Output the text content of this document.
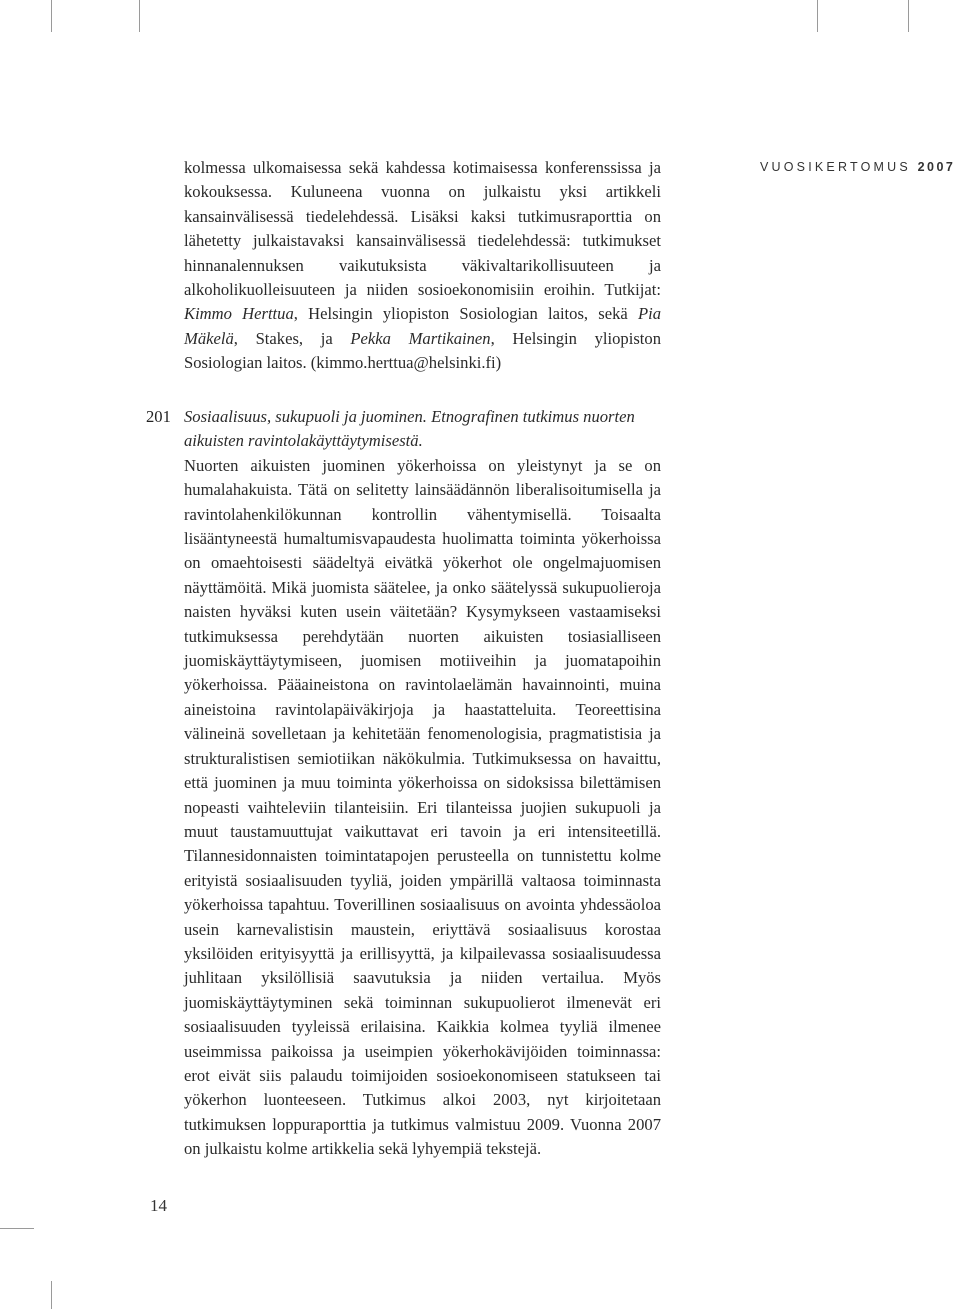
VUOSIKERTOMUS 2007

kolmessa ulkomaisessa sekä kahdessa kotimaisessa konferenssissa ja kokouksessa. Kuluneena vuonna on julkaistu yksi artikkeli kansainvälisessä tiedelehdessä. Lisäksi kaksi tutkimusraporttia on lähetetty julkaistavaksi kansainvälisessä tiedelehdessä: tutkimukset hinnanalennuksen vaikutuksista väkivaltarikollisuuteen ja alkoholikuolleisuuteen ja niiden sosioekonomisiin eroihin. Tutkijat: Kimmo Herttua, Helsingin yliopiston Sosiologian laitos, sekä Pia Mäkelä, Stakes, ja Pekka Martikainen, Helsingin yliopiston Sosiologian laitos. (kimmo.herttua@helsinki.fi)

201 Sosiaalisuus, sukupuoli ja juominen. Etnografinen tutkimus nuorten aikuisten ravintolakäyttäytymisestä.

Nuorten aikuisten juominen yökerhoissa on yleistynyt ja se on humalahakuista. Tätä on selitetty lainsäädännön liberalisoitumisella ja ravintolahenkilökunnan kontrollin vähentymisellä. Toisaalta lisääntyneestä humaltumisvapaudesta huolimatta toiminta yökerhoissa on omaehtoisesti säädeltyä eivätkä yökerhot ole ongelmajuomisen näyttämöitä. Mikä juomista säätelee, ja onko säätelyssä sukupuolieroja naisten hyväksi kuten usein väitetään? Kysymykseen vastaamiseksi tutkimuksessa perehdytään nuorten aikuisten tosiasialliseen juomiskäyttäytymiseen, juomisen motiiveihin ja juomatapoihin yökerhoissa. Pääaineistona on ravintolaelämän havainnointi, muina aineistoina ravintolapäiväkirjoja ja haastatteluita. Teoreettisina välineinä sovelletaan ja kehitetään fenomenologisia, pragmatistisia ja strukturalistisen semiotiikan näkökulmia. Tutkimuksessa on havaittu, että juominen ja muu toiminta yökerhoissa on sidoksissa bilettämisen nopeasti vaihteleviin tilanteisiin. Eri tilanteissa juojien sukupuoli ja muut taustamuuttujat vaikuttavat eri tavoin ja eri intensiteetillä. Tilannesidonnaisten toimintatapojen perusteella on tunnistettu kolme erityistä sosiaalisuuden tyyliä, joiden ympärillä valtaosa toiminnasta yökerhoissa tapahtuu. Toverillinen sosiaalisuus on avointa yhdessäoloa usein karnevalistisin maustein, eriyttävä sosiaalisuus korostaa yksilöiden erityisyyttä ja erillisyyttä, ja kilpailevassa sosiaalisuudessa juhlitaan yksilöllisiä saavutuksia ja niiden vertailua. Myös juomiskäyttäytyminen sekä toiminnan sukupuolierot ilmenevät eri sosiaalisuuden tyyleissä erilaisina. Kaikkia kolmea tyyliä ilmenee useimmissa paikoissa ja useimpien yökerhokävijöiden toiminnassa: erot eivät siis palaudu toimijoiden sosioekonomiseen statukseen tai yökerhon luonteeseen. Tutkimus alkoi 2003, nyt kirjoitetaan tutkimuksen loppuraporttia ja tutkimus valmistuu 2009. Vuonna 2007 on julkaistu kolme artikkelia sekä lyhyempiä tekstejä.

14
